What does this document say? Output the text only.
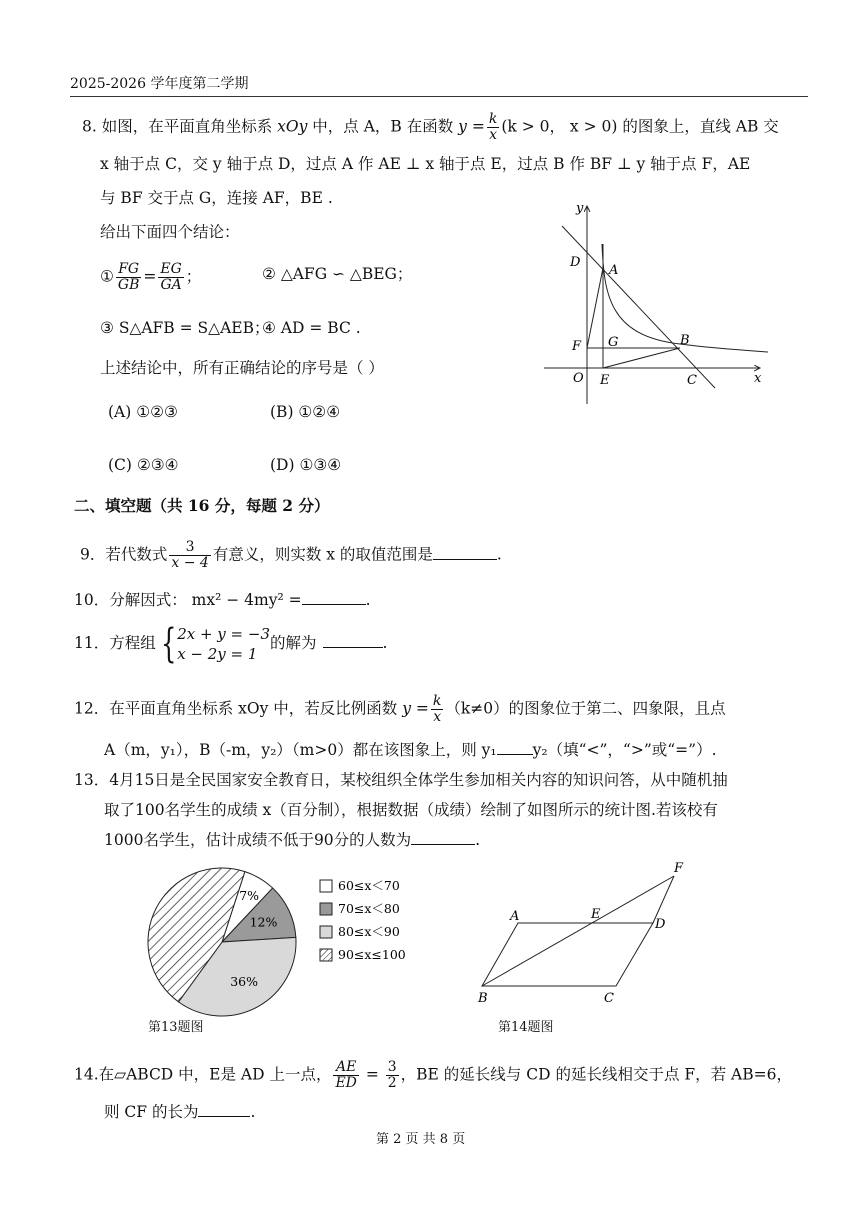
2025-2026 学年度第二学期
8. 如图，在平面直角坐标系 xOy 中，点 A，B 在函数 $y = \frac{k}{x} (k > 0$， x > 0) 的图象上，直线 AB 交
x 轴于点 C，交 y 轴于点 D，过点 A 作 AE ⊥ x 轴于点 E，过点 B 作 BF ⊥ y 轴于点 F，AE
与 BF 交于点 G，连接 AF，BE .
给出下面四个结论：
① $\frac{FG}{GB} = \frac{EG}{GA}$ ；	② △AFG ∽ △BEG；
③ S△AFB = S△AEB；
④ AD = BC .
上述结论中，所有正确结论的序号是（ ）
(A) ①②③	(B) ①②④
(C) ②③④	(D) ①③④
y
x
O
D
A
F G	B
E	C
二、填空题（共 16 分，每题 2 分）
9．若代数式 $\frac{3}{x - 4}$ 有意义，则实数 x 的取值范围是	.
10．分解因式： mx² − 4my² =	.
11．方程组 { 2x + y = −3
x − 2y = 1
的解为	.
12．在平面直角坐标系 xOy 中，若反比例函数 $y = \frac{k}{x} (k\ne 0)$的图象位于第二、四象限，且点
A（m，y₁），B（-m，y₂）（m>0）都在该图象上，则 y₁ y₂（填“<”，“>”或“=”）.
13．4月15日是全民国家安全教育日，某校组织全体学生参加相关内容的知识问答，从中随机抽
取了100名学生的成绩 x（百分制），根据数据（成绩）绘制了如图所示的统计图.若该校有
1000名学生，估计成绩不低于90分的人数为	.
7%
12%
36%
60≤x＜70
70≤x＜80
80≤x＜90
90≤x≤100
第13题图
A	E
D
F
B	C
第14题图
14.在▱ABCD 中，E是 AD 上一点， $\frac{AE}{ED} = \frac{3}{2}$ ，BE 的延长线与 CD 的延长线相交于点 F，若 AB=6，
则 CF 的长为	.
第 2 页 共 8 页
